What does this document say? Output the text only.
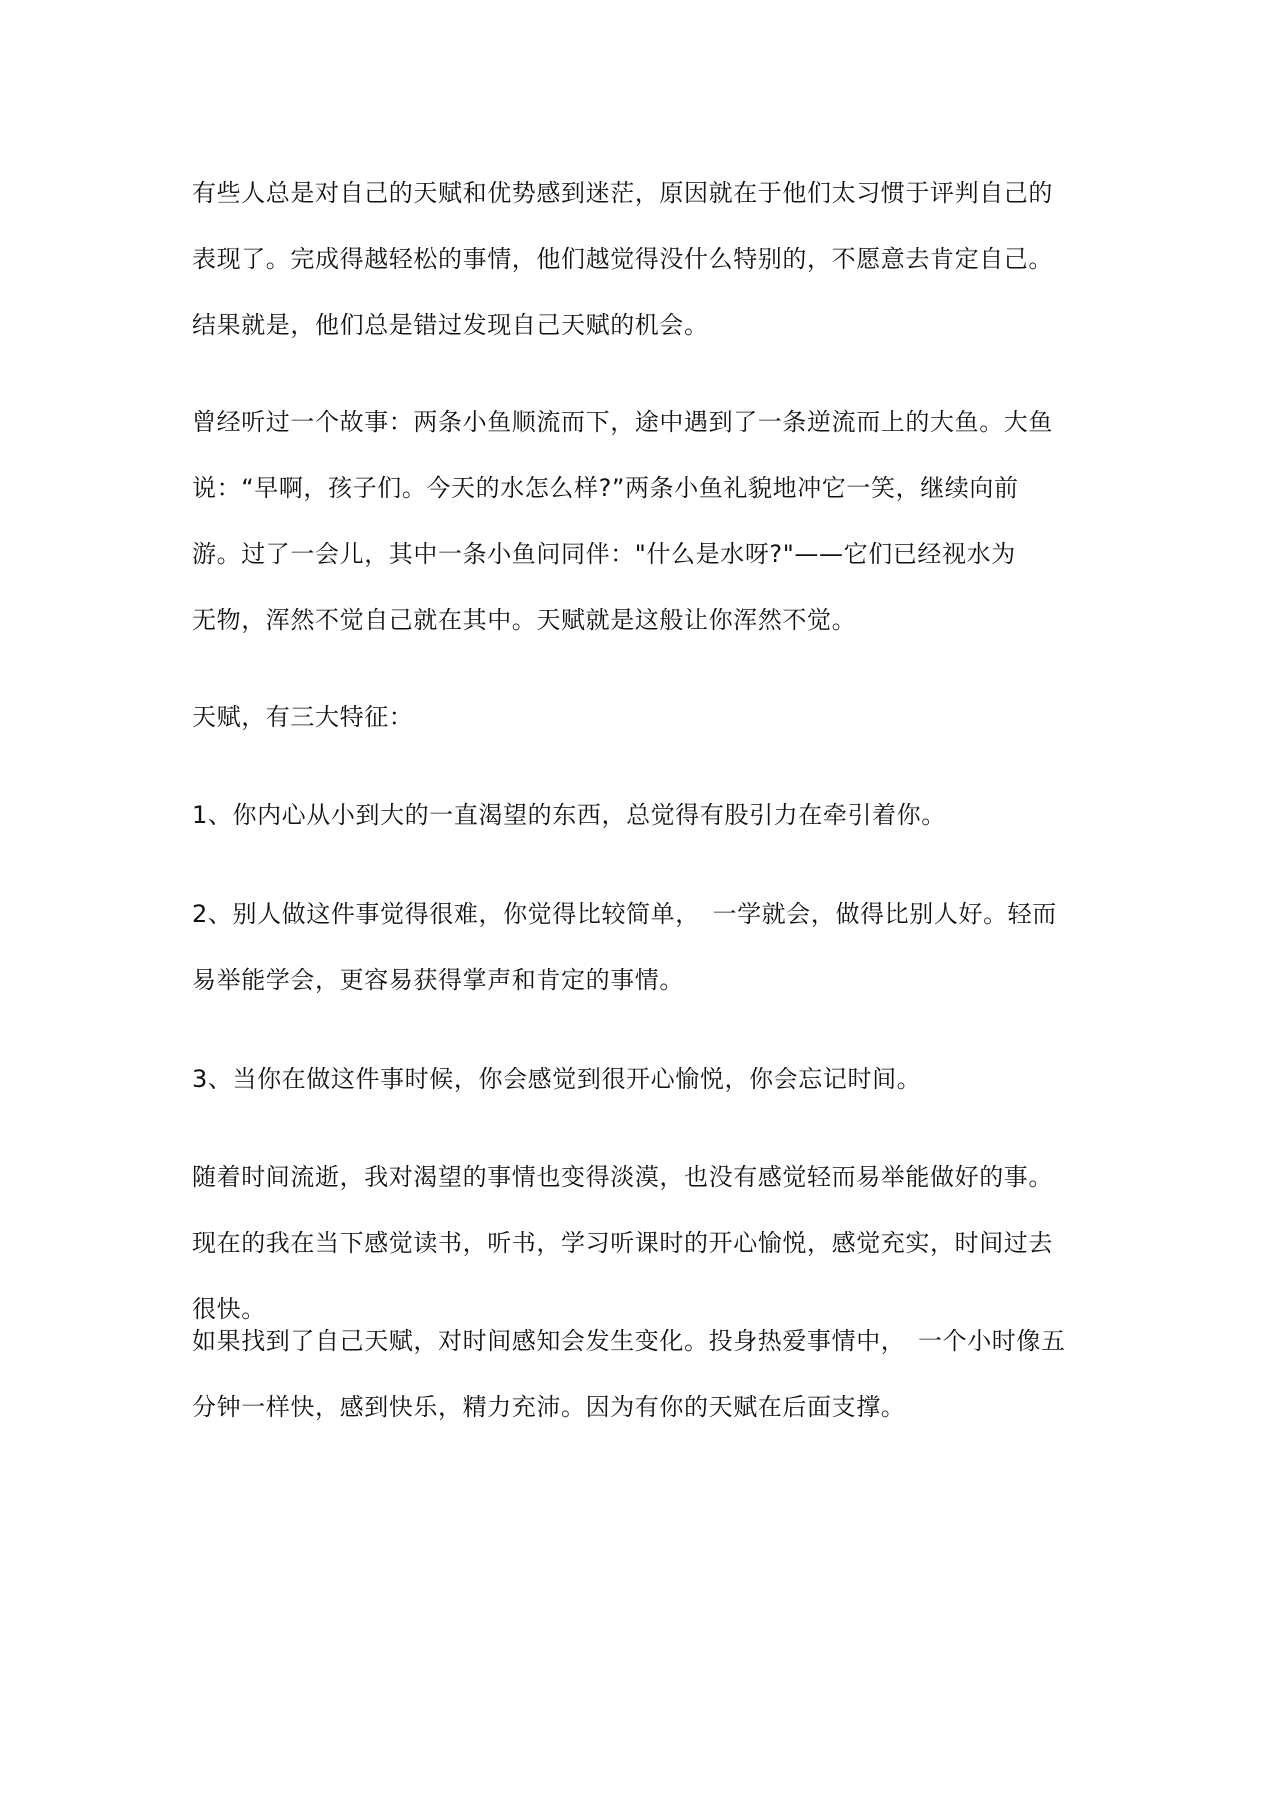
有些人总是对自己的天赋和优势感到迷茫，原因就在于他们太习惯于评判自己的
表现了。完成得越轻松的事情，他们越觉得没什么特别的，不愿意去肯定自己。
结果就是，他们总是错过发现自己天赋的机会。

曾经听过一个故事：两条小鱼顺流而下，途中遇到了一条逆流而上的大鱼。大鱼
说：“早啊，孩子们。今天的水怎么样?”两条小鱼礼貌地冲它一笑，继续向前
游。过了一会儿，其中一条小鱼问同伴："什么是水呀?"——它们已经视水为
无物，浑然不觉自己就在其中。天赋就是这般让你浑然不觉。

天赋，有三大特征：

1、你内心从小到大的一直渴望的东西，总觉得有股引力在牵引着你。

2、别人做这件事觉得很难，你觉得比较简单，　一学就会，做得比别人好。轻而
易举能学会，更容易获得掌声和肯定的事情。

3、当你在做这件事时候，你会感觉到很开心愉悦，你会忘记时间。

随着时间流逝，我对渴望的事情也变得淡漠，也没有感觉轻而易举能做好的事。
现在的我在当下感觉读书，听书，学习听课时的开心愉悦，感觉充实，时间过去
很快。

如果找到了自己天赋，对时间感知会发生变化。投身热爱事情中，　一个小时像五
分钟一样快，感到快乐，精力充沛。因为有你的天赋在后面支撑。
